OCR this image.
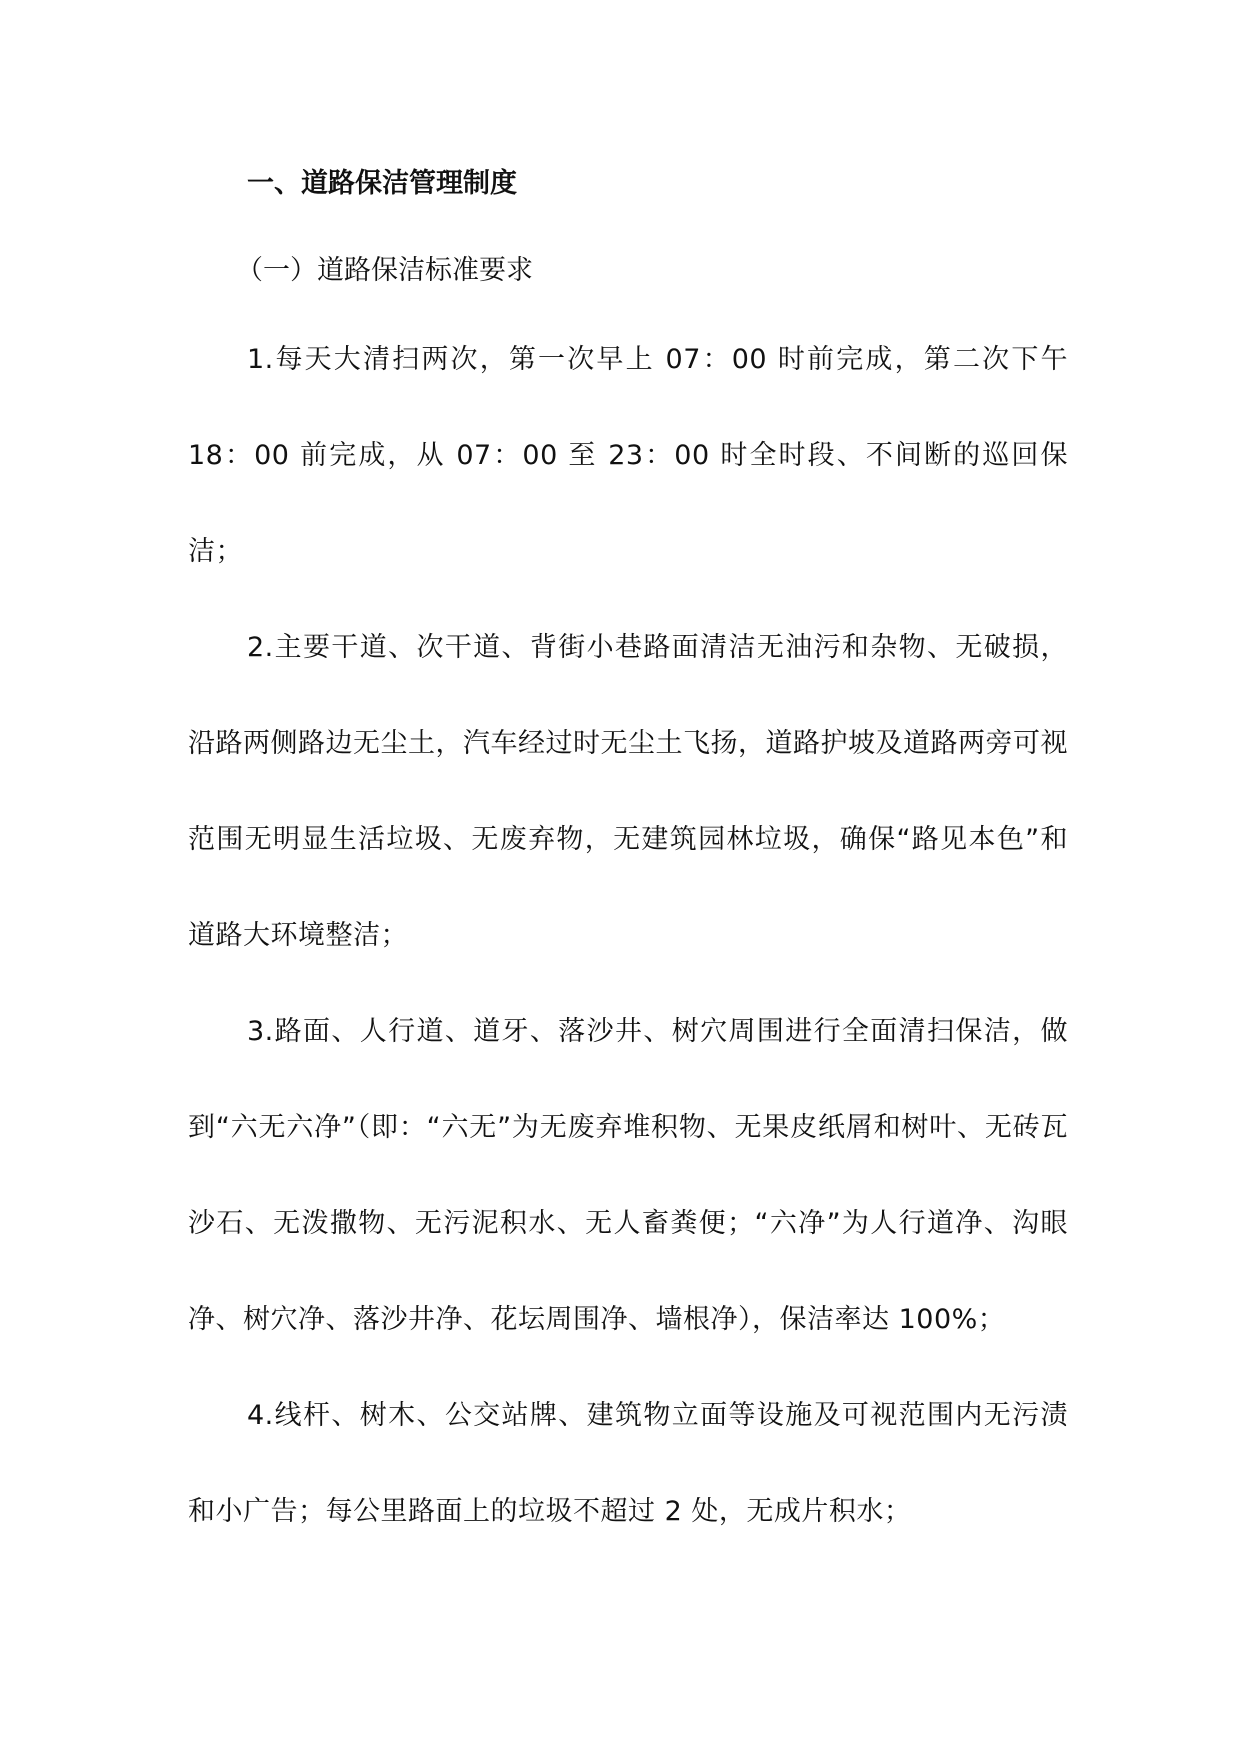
一、道路保洁管理制度
（一）道路保洁标准要求

1.每天大清扫两次，第一次早上 07：00 时前完成，第二次下午 18：00 前完成，从 07：00 至 23：00 时全时段、不间断的巡回保洁；

2.主要干道、次干道、背街小巷路面清洁无油污和杂物、无破损，沿路两侧路边无尘土，汽车经过时无尘土飞扬，道路护坡及道路两旁可视范围无明显生活垃圾、无废弃物，无建筑园林垃圾，确保“路见本色”和道路大环境整洁；

3.路面、人行道、道牙、落沙井、树穴周围进行全面清扫保洁，做到“六无六净”（即：“六无”为无废弃堆积物、无果皮纸屑和树叶、无砖瓦沙石、无泼撒物、无污泥积水、无人畜粪便；“六净”为人行道净、沟眼净、树穴净、落沙井净、花坛周围净、墙根净），保洁率达 100%；

4.线杆、树木、公交站牌、建筑物立面等设施及可视范围内无污渍和小广告；每公里路面上的垃圾不超过 2 处，无成片积水；
